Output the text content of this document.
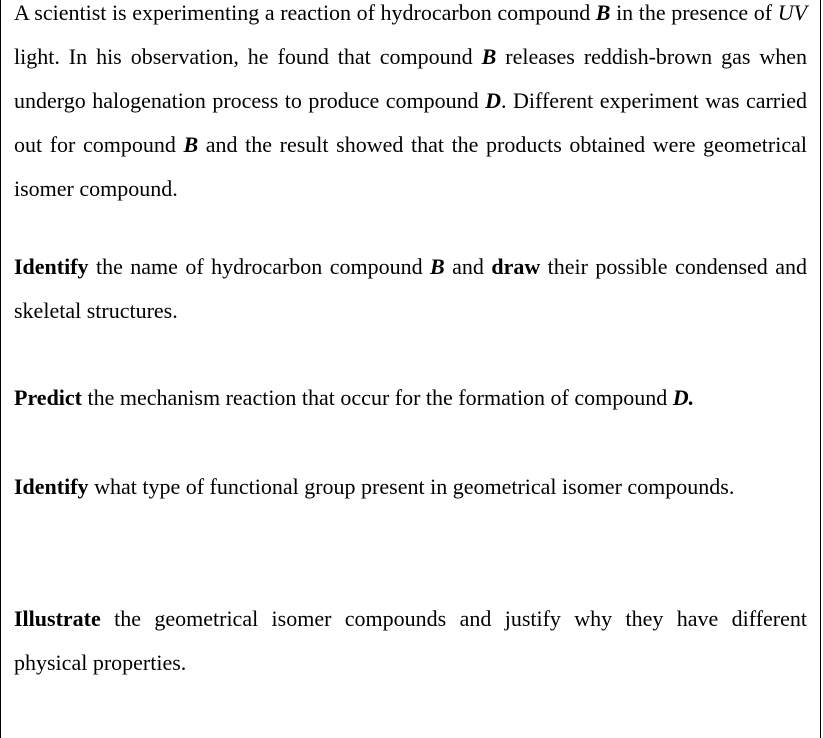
A scientist is experimenting a reaction of hydrocarbon compound B in the presence of UV light. In his observation, he found that compound B releases reddish-brown gas when undergo halogenation process to produce compound D. Different experiment was carried out for compound B and the result showed that the products obtained were geometrical isomer compound.

Identify the name of hydrocarbon compound B and draw their possible condensed and skeletal structures.

Predict the mechanism reaction that occur for the formation of compound D.

Identify what type of functional group present in geometrical isomer compounds.

Illustrate the geometrical isomer compounds and justify why they have different physical properties.
